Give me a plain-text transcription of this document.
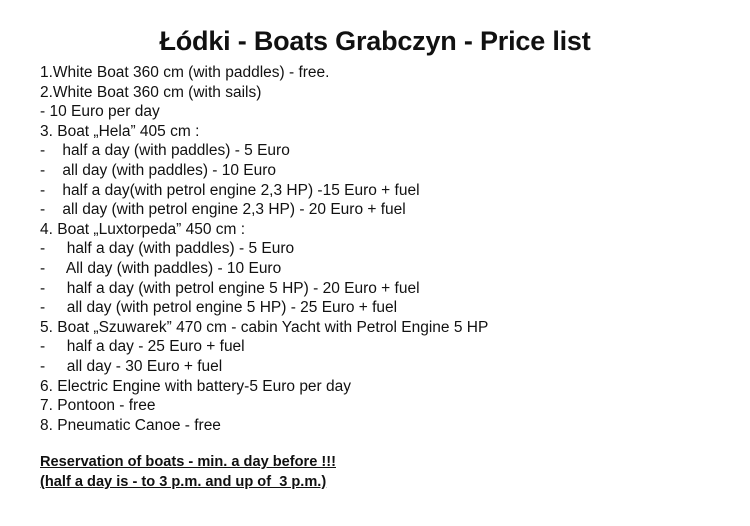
Łódki - Boats Grabczyn - Price list
1.White Boat 360 cm (with paddles) - free.
2.White Boat 360 cm (with sails)
- 10 Euro per day
3. Boat „Hela” 405 cm :
-    half a day (with paddles) - 5 Euro
-    all day (with paddles) - 10 Euro
-    half a day(with petrol engine 2,3 HP) -15 Euro + fuel
-    all day (with petrol engine 2,3 HP) - 20 Euro + fuel
4. Boat „Luxtorpeda” 450 cm :
-     half a day (with paddles) - 5 Euro
-     All day (with paddles) - 10 Euro
-     half a day (with petrol engine 5 HP) - 20 Euro + fuel
-     all day (with petrol engine 5 HP) - 25 Euro + fuel
5. Boat „Szuwarek” 470 cm - cabin Yacht with Petrol Engine 5 HP
-     half a day - 25 Euro + fuel
-     all day - 30 Euro + fuel
6. Electric Engine with battery-5 Euro per day
7. Pontoon - free
8. Pneumatic Canoe - free
Reservation of boats - min. a day before !!!
(half a day is - to 3 p.m. and up of  3 p.m.)
